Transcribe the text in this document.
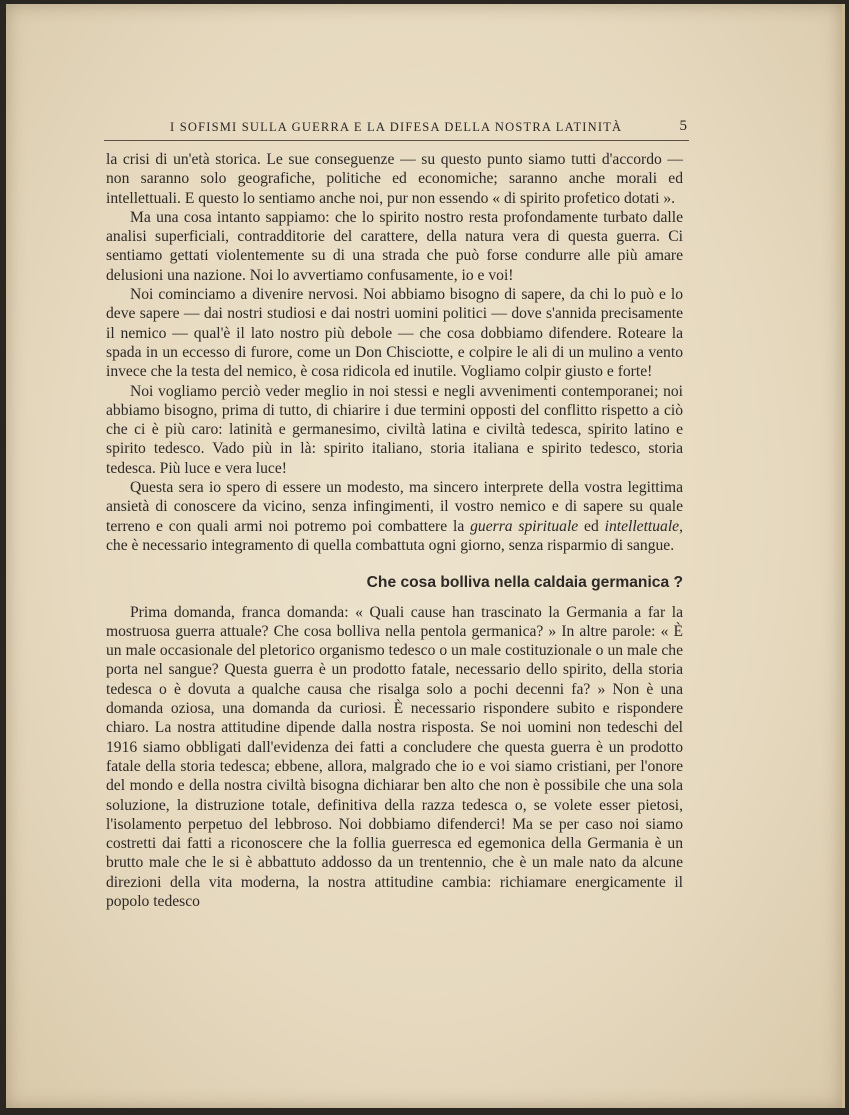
I SOFISMI SULLA GUERRA E LA DIFESA DELLA NOSTRA LATINITÀ	5

la crisi di un'età storica. Le sue conseguenze — su questo punto siamo tutti d'accordo — non saranno solo geografiche, politiche ed economiche; saranno anche morali ed intellettuali. E questo lo sentiamo anche noi, pur non essendo « di spirito profetico dotati ».

Ma una cosa intanto sappiamo: che lo spirito nostro resta profondamente turbato dalle analisi superficiali, contradditorie del carattere, della natura vera di questa guerra. Ci sentiamo gettati violentemente su di una strada che può forse condurre alle più amare delusioni una nazione. Noi lo avvertiamo confusamente, io e voi!

Noi cominciamo a divenire nervosi. Noi abbiamo bisogno di sapere, da chi lo può e lo deve sapere — dai nostri studiosi e dai nostri uomini politici — dove s'annida precisamente il nemico — qual'è il lato nostro più debole — che cosa dobbiamo difendere. Roteare la spada in un eccesso di furore, come un Don Chisciotte, e colpire le ali di un mulino a vento invece che la testa del nemico, è cosa ridicola ed inutile. Vogliamo colpir giusto e forte!

Noi vogliamo perciò veder meglio in noi stessi e negli avvenimenti contemporanei; noi abbiamo bisogno, prima di tutto, di chiarire i due termini opposti del conflitto rispetto a ciò che ci è più caro: latinità e germanesimo, civiltà latina e civiltà tedesca, spirito latino e spirito tedesco. Vado più in là: spirito italiano, storia italiana e spirito tedesco, storia tedesca. Più luce e vera luce!

Questa sera io spero di essere un modesto, ma sincero interprete della vostra legittima ansietà di conoscere da vicino, senza infingimenti, il vostro nemico e di sapere su quale terreno e con quali armi noi potremo poi combattere la guerra spirituale ed intellettuale, che è necessario integramento di quella combattuta ogni giorno, senza risparmio di sangue.

Che cosa bolliva nella caldaia germanica ?

Prima domanda, franca domanda: « Quali cause han trascinato la Germania a far la mostruosa guerra attuale? Che cosa bolliva nella pentola germanica? » In altre parole: « È un male occasionale del pletorico organismo tedesco o un male costituzionale o un male che porta nel sangue? Questa guerra è un prodotto fatale, necessario dello spirito, della storia tedesca o è dovuta a qualche causa che risalga solo a pochi decenni fa? » Non è una domanda oziosa, una domanda da curiosi. È necessario rispondere subito e rispondere chiaro. La nostra attitudine dipende dalla nostra risposta. Se noi uomini non tedeschi del 1916 siamo obbligati dall'evidenza dei fatti a concludere che questa guerra è un prodotto fatale della storia tedesca; ebbene, allora, malgrado che io e voi siamo cristiani, per l'onore del mondo e della nostra civiltà bisogna dichiarar ben alto che non è possibile che una sola soluzione, la distruzione totale, definitiva della razza tedesca o, se volete esser pietosi, l'isolamento perpetuo del lebbroso. Noi dobbiamo difenderci! Ma se per caso noi siamo costretti dai fatti a riconoscere che la follia guerresca ed egemonica della Germania è un brutto male che le si è abbattuto addosso da un trentennio, che è un male nato da alcune direzioni della vita moderna, la nostra attitudine cambia: richiamare energicamente il popolo tedesco
